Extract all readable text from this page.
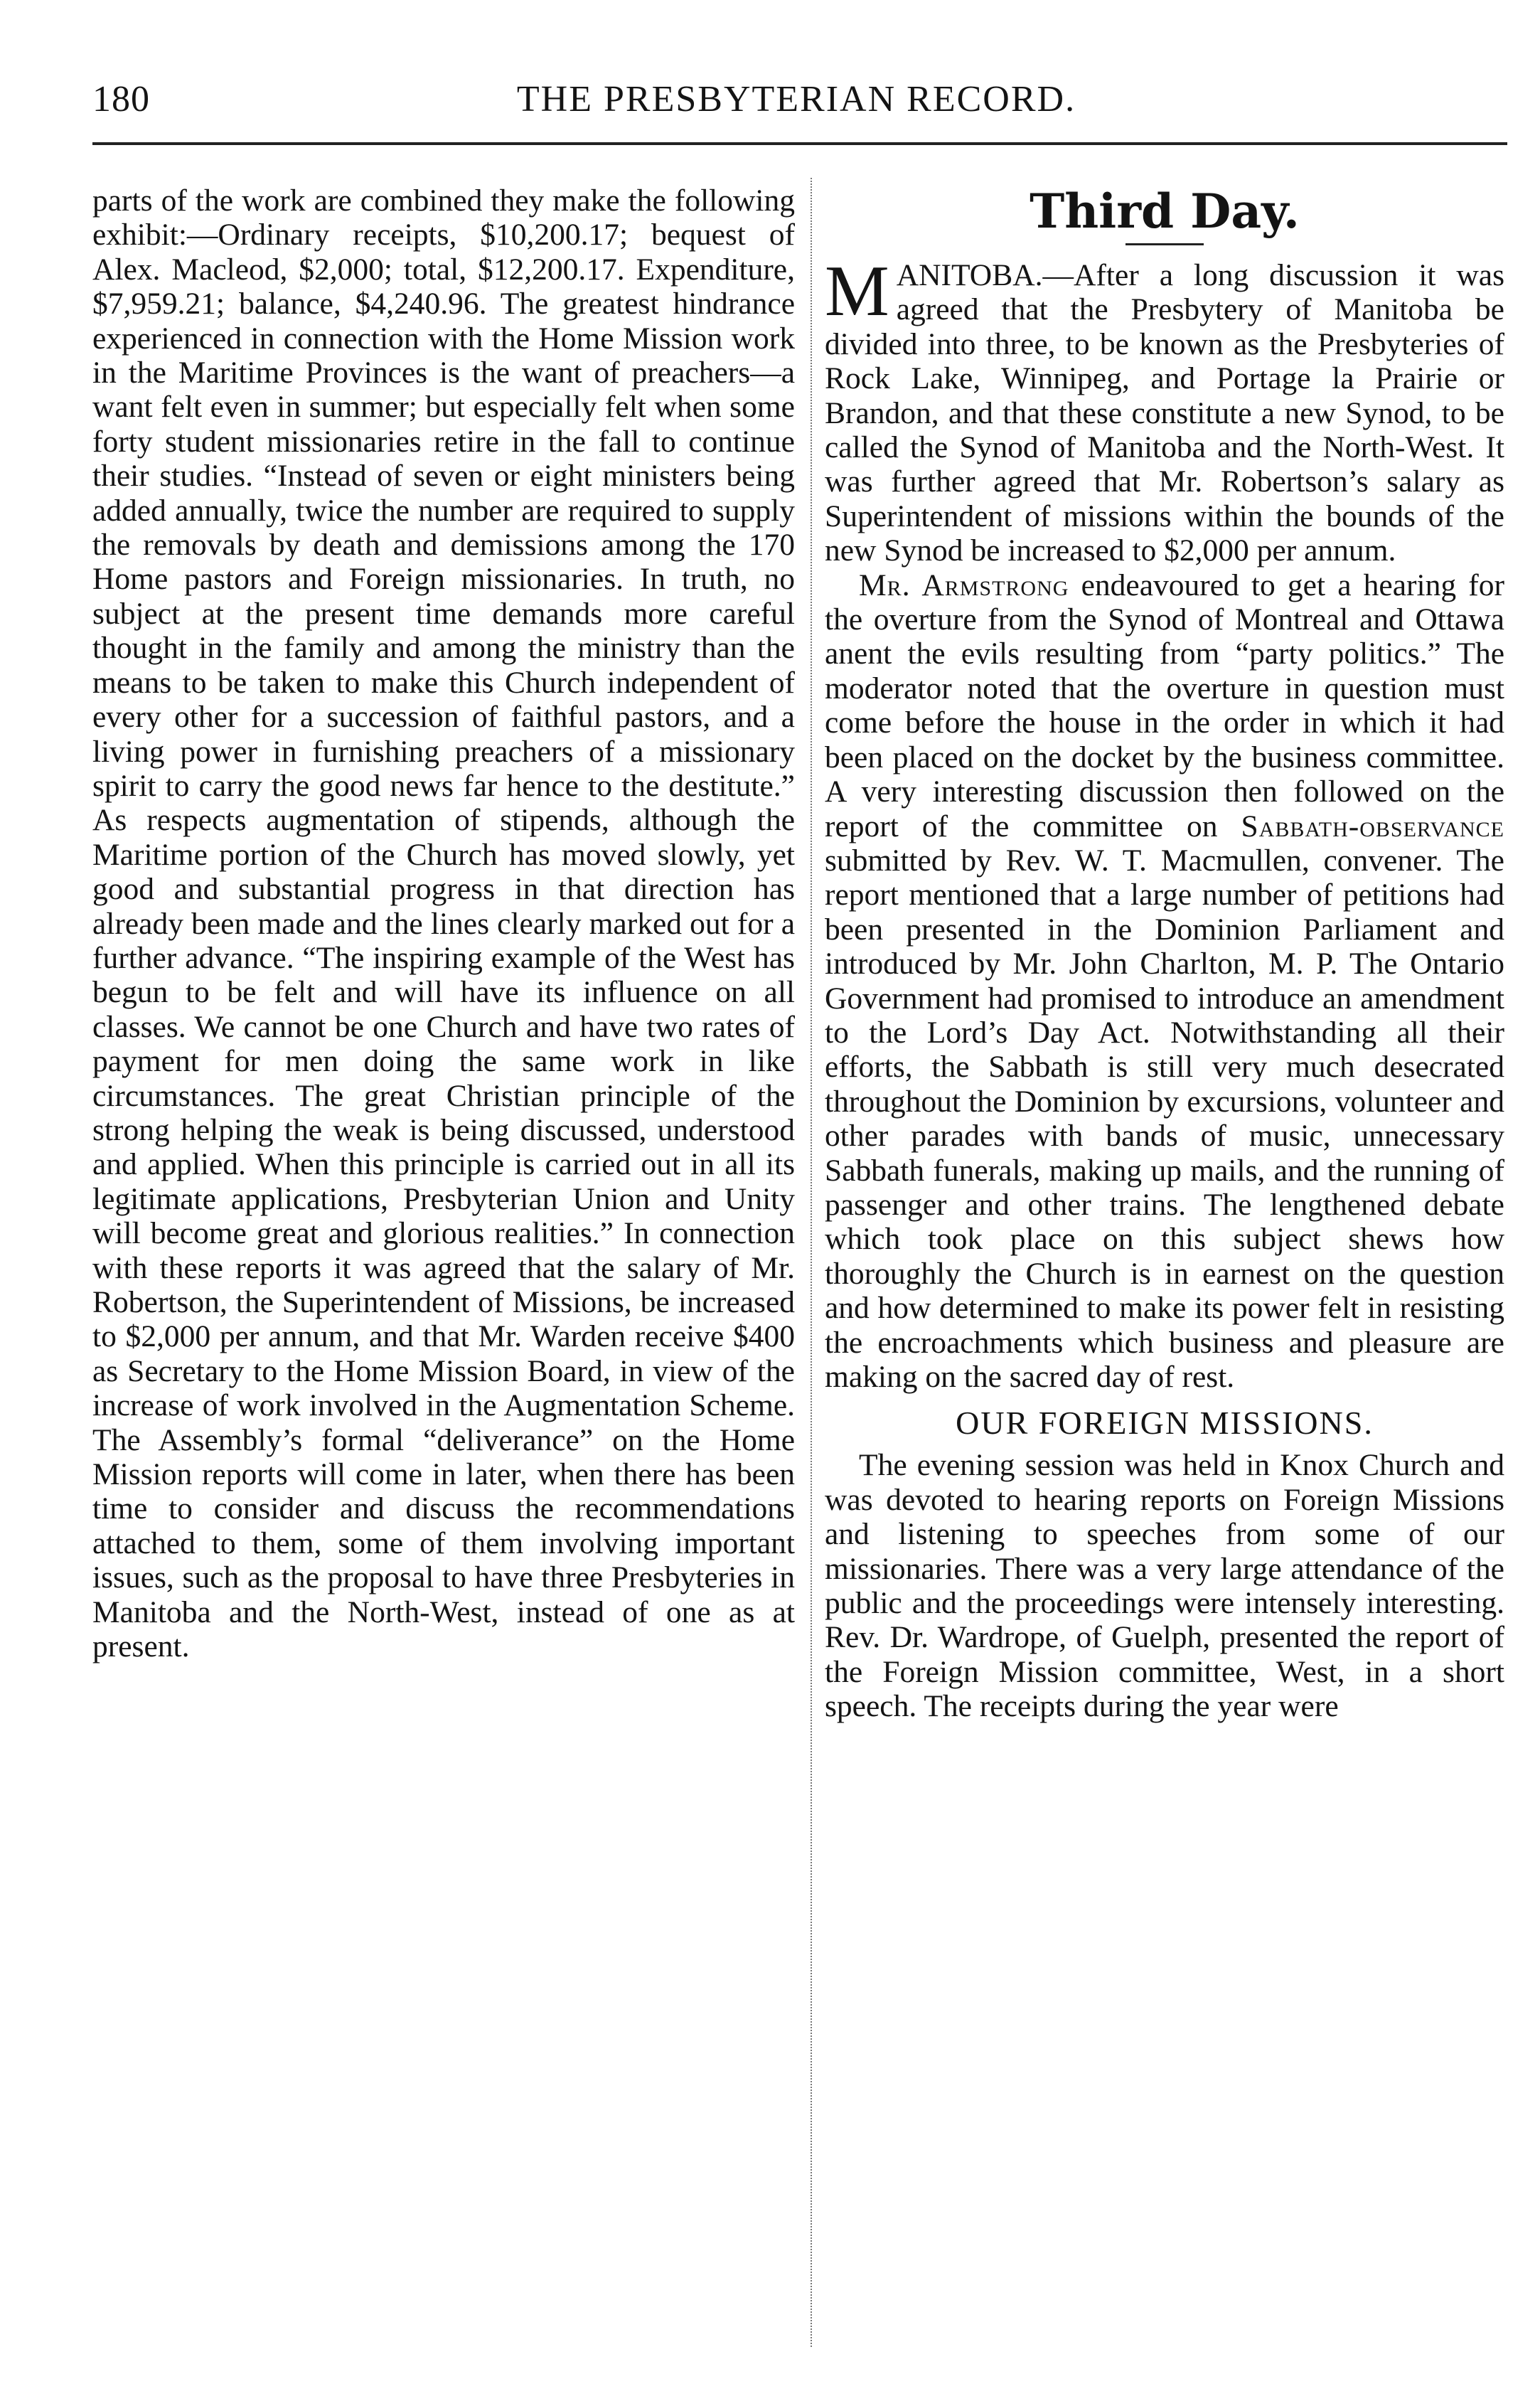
180	THE PRESBYTERIAN RECORD.

parts of the work are combined they make the following exhibit:—Ordinary receipts, $10,200.17; bequest of Alex. Macleod, $2,000; total, $12,200.17. Expenditure, $7,959.21; balance, $4,240.96. The greatest hindrance experienced in connection with the Home Mission work in the Maritime Provinces is the want of preachers—a want felt even in summer; but especially felt when some forty student missionaries retire in the fall to continue their studies. “Instead of seven or eight ministers being added annually, twice the number are required to supply the removals by death and demissions among the 170 Home pastors and Foreign missionaries. In truth, no subject at the present time demands more careful thought in the family and among the ministry than the means to be taken to make this Church independent of every other for a succession of faithful pastors, and a living power in furnishing preachers of a missionary spirit to carry the good news far hence to the destitute.” As respects augmentation of stipends, although the Maritime portion of the Church has moved slowly, yet good and substantial progress in that direction has already been made and the lines clearly marked out for a further advance. “The inspiring example of the West has begun to be felt and will have its influence on all classes. We cannot be one Church and have two rates of payment for men doing the same work in like circumstances. The great Christian principle of the strong helping the weak is being discussed, understood and applied. When this principle is carried out in all its legitimate applications, Presbyterian Union and Unity will become great and glorious realities.” In connection with these reports it was agreed that the salary of Mr. Robertson, the Superintendent of Missions, be increased to $2,000 per annum, and that Mr. Warden receive $400 as Secretary to the Home Mission Board, in view of the increase of work involved in the Augmentation Scheme. The Assembly’s formal “deliverance” on the Home Mission reports will come in later, when there has been time to consider and discuss the recommendations attached to them, some of them involving important issues, such as the proposal to have three Presbyteries in Manitoba and the North-West, instead of one as at present.

Third Day.

MANITOBA.—After a long discussion it was agreed that the Presbytery of Manitoba be divided into three, to be known as the Presbyteries of Rock Lake, Winnipeg, and Portage la Prairie or Brandon, and that these constitute a new Synod, to be called the Synod of Manitoba and the North-West. It was further agreed that Mr. Robertson’s salary as Superintendent of missions within the bounds of the new Synod be increased to $2,000 per annum.

Mr. Armstrong endeavoured to get a hearing for the overture from the Synod of Montreal and Ottawa anent the evils resulting from “party politics.” The moderator noted that the overture in question must come before the house in the order in which it had been placed on the docket by the business committee. A very interesting discussion then followed on the report of the committee on Sabbath-observance submitted by Rev. W. T. Macmullen, convener. The report mentioned that a large number of petitions had been presented in the Dominion Parliament and introduced by Mr. John Charlton, M. P. The Ontario Government had promised to introduce an amendment to the Lord’s Day Act. Notwithstanding all their efforts, the Sabbath is still very much desecrated throughout the Dominion by excursions, volunteer and other parades with bands of music, unnecessary Sabbath funerals, making up mails, and the running of passenger and other trains. The lengthened debate which took place on this subject shews how thoroughly the Church is in earnest on the question and how determined to make its power felt in resisting the encroachments which business and pleasure are making on the sacred day of rest.

OUR FOREIGN MISSIONS.

The evening session was held in Knox Church and was devoted to hearing reports on Foreign Missions and listening to speeches from some of our missionaries. There was a very large attendance of the public and the proceedings were intensely interesting. Rev. Dr. Wardrope, of Guelph, presented the report of the Foreign Mission committee, West, in a short speech. The receipts during the year were
